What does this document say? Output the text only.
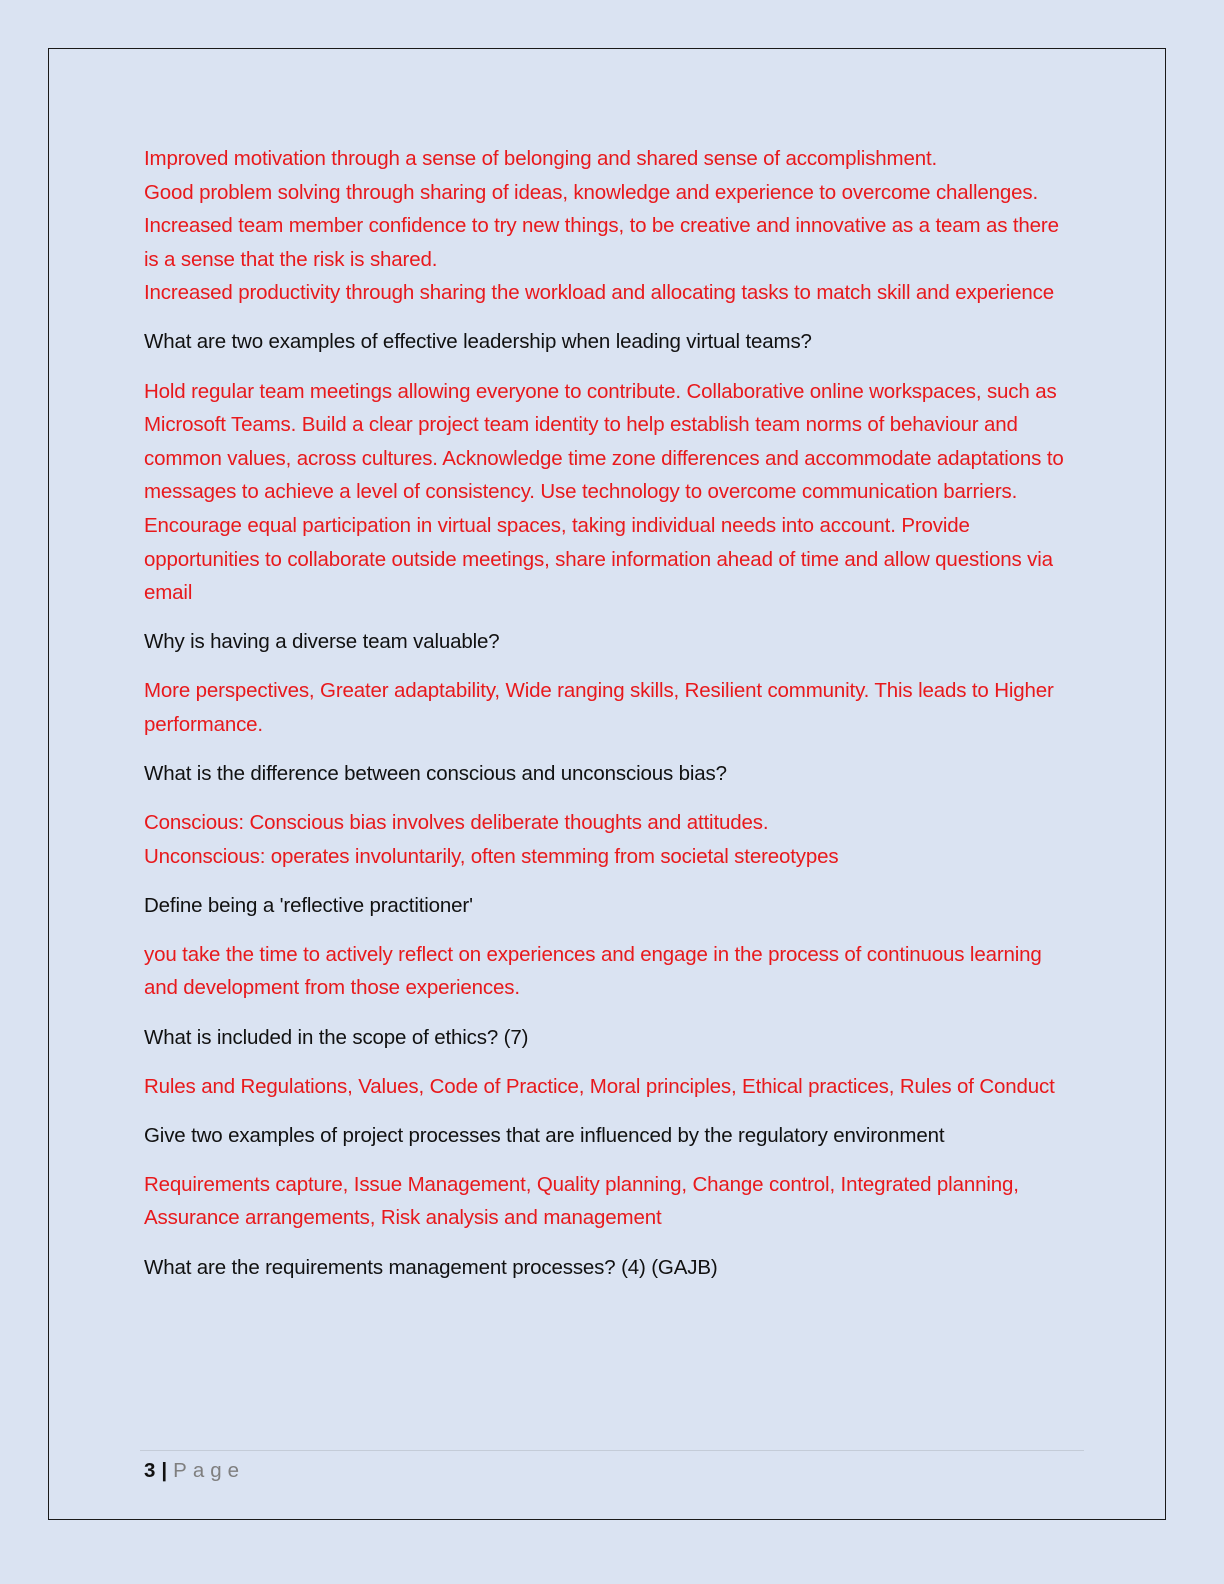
Improved motivation through a sense of belonging and shared sense of accomplishment.
Good problem solving through sharing of ideas, knowledge and experience to overcome challenges.
Increased team member confidence to try new things, to be creative and innovative as a team as there is a sense that the risk is shared.
Increased productivity through sharing the workload and allocating tasks to match skill and experience

What are two examples of effective leadership when leading virtual teams?

Hold regular team meetings allowing everyone to contribute. Collaborative online workspaces, such as Microsoft Teams. Build a clear project team identity to help establish team norms of behaviour and common values, across cultures. Acknowledge time zone differences and accommodate adaptations to messages to achieve a level of consistency. Use technology to overcome communication barriers. Encourage equal participation in virtual spaces, taking individual needs into account. Provide opportunities to collaborate outside meetings, share information ahead of time and allow questions via email

Why is having a diverse team valuable?

More perspectives, Greater adaptability, Wide ranging skills, Resilient community. This leads to Higher performance.

What is the difference between conscious and unconscious bias?

Conscious: Conscious bias involves deliberate thoughts and attitudes.
Unconscious: operates involuntarily, often stemming from societal stereotypes

Define being a 'reflective practitioner'

you take the time to actively reflect on experiences and engage in the process of continuous learning and development from those experiences.

What is included in the scope of ethics? (7)

Rules and Regulations, Values, Code of Practice, Moral principles, Ethical practices, Rules of Conduct

Give two examples of project processes that are influenced by the regulatory environment

Requirements capture, Issue Management, Quality planning, Change control, Integrated planning, Assurance arrangements, Risk analysis and management

What are the requirements management processes? (4) (GAJB)

3 | Page
